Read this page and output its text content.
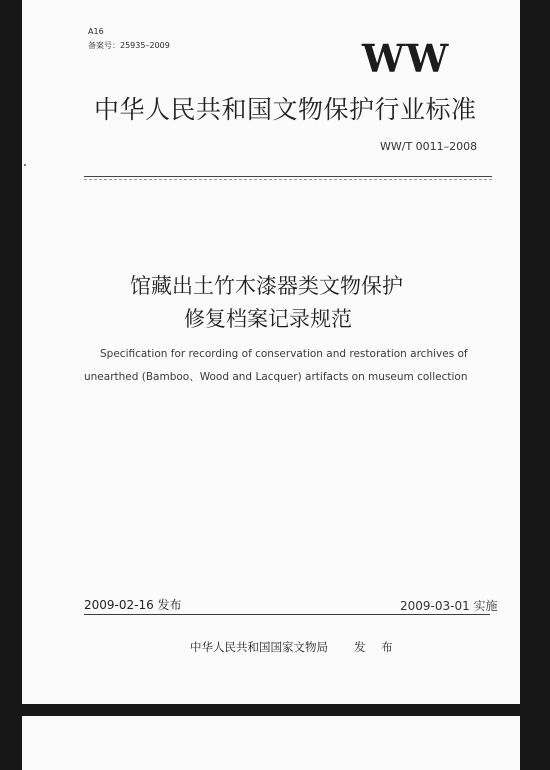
A16
备案号：25935–2009	WW
中华人民共和国文物保护行业标准
WW/T 0011–2008
馆藏出土竹木漆器类文物保护
修复档案记录规范
Specification for recording of conservation and restoration archives of
unearthed (Bamboo、Wood and Lacquer) artifacts on museum collection
2009-02-16 发布	2009-03-01 实施
中华人民共和国国家文物局 发 布
